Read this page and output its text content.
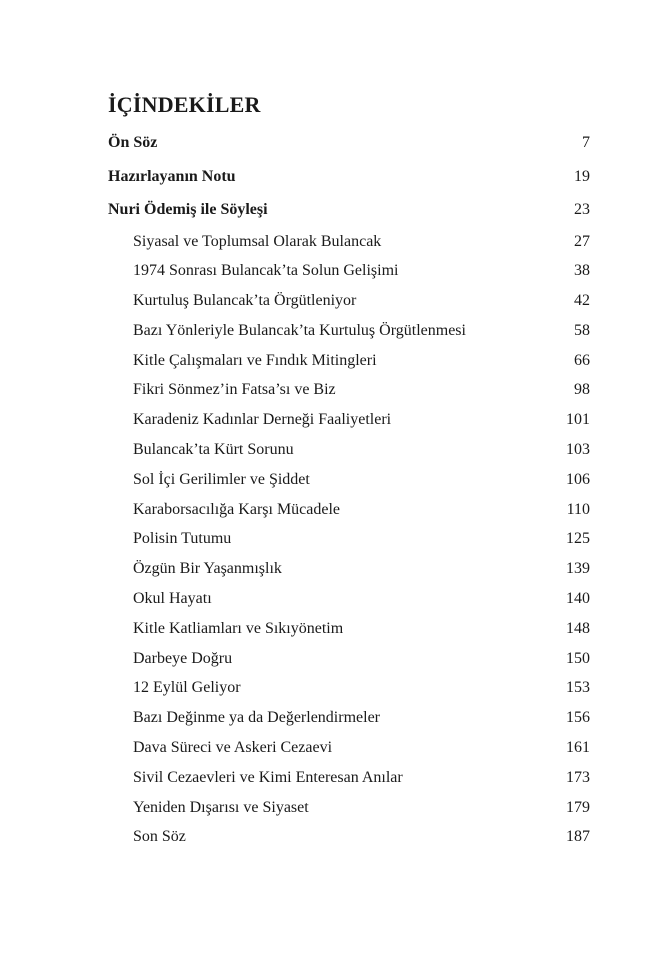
İÇİNDEKİLER
Ön Söz	7
Hazırlayanın Notu	19
Nuri Ödemiş ile Söyleşi	23
Siyasal ve Toplumsal Olarak Bulancak	27
1974 Sonrası Bulancak’ta Solun Gelişimi	38
Kurtuluş Bulancak’ta Örgütleniyor	42
Bazı Yönleriyle Bulancak’ta Kurtuluş Örgütlenmesi	58
Kitle Çalışmaları ve Fındık Mitingleri	66
Fikri Sönmez’in Fatsa’sı ve Biz	98
Karadeniz Kadınlar Derneği Faaliyetleri	101
Bulancak’ta Kürt Sorunu	103
Sol İçi Gerilimler ve Şiddet	106
Karaborsacılığa Karşı Mücadele	110
Polisin Tutumu	125
Özgün Bir Yaşanmışlık	139
Okul Hayatı	140
Kitle Katliamları ve Sıkıyönetim	148
Darbeye Doğru	150
12 Eylül Geliyor	153
Bazı Değinme ya da Değerlendirmeler	156
Dava Süreci ve Askeri Cezaevi	161
Sivil Cezaevleri ve Kimi Enteresan Anılar	173
Yeniden Dışarısı ve Siyaset	179
Son Söz	187
